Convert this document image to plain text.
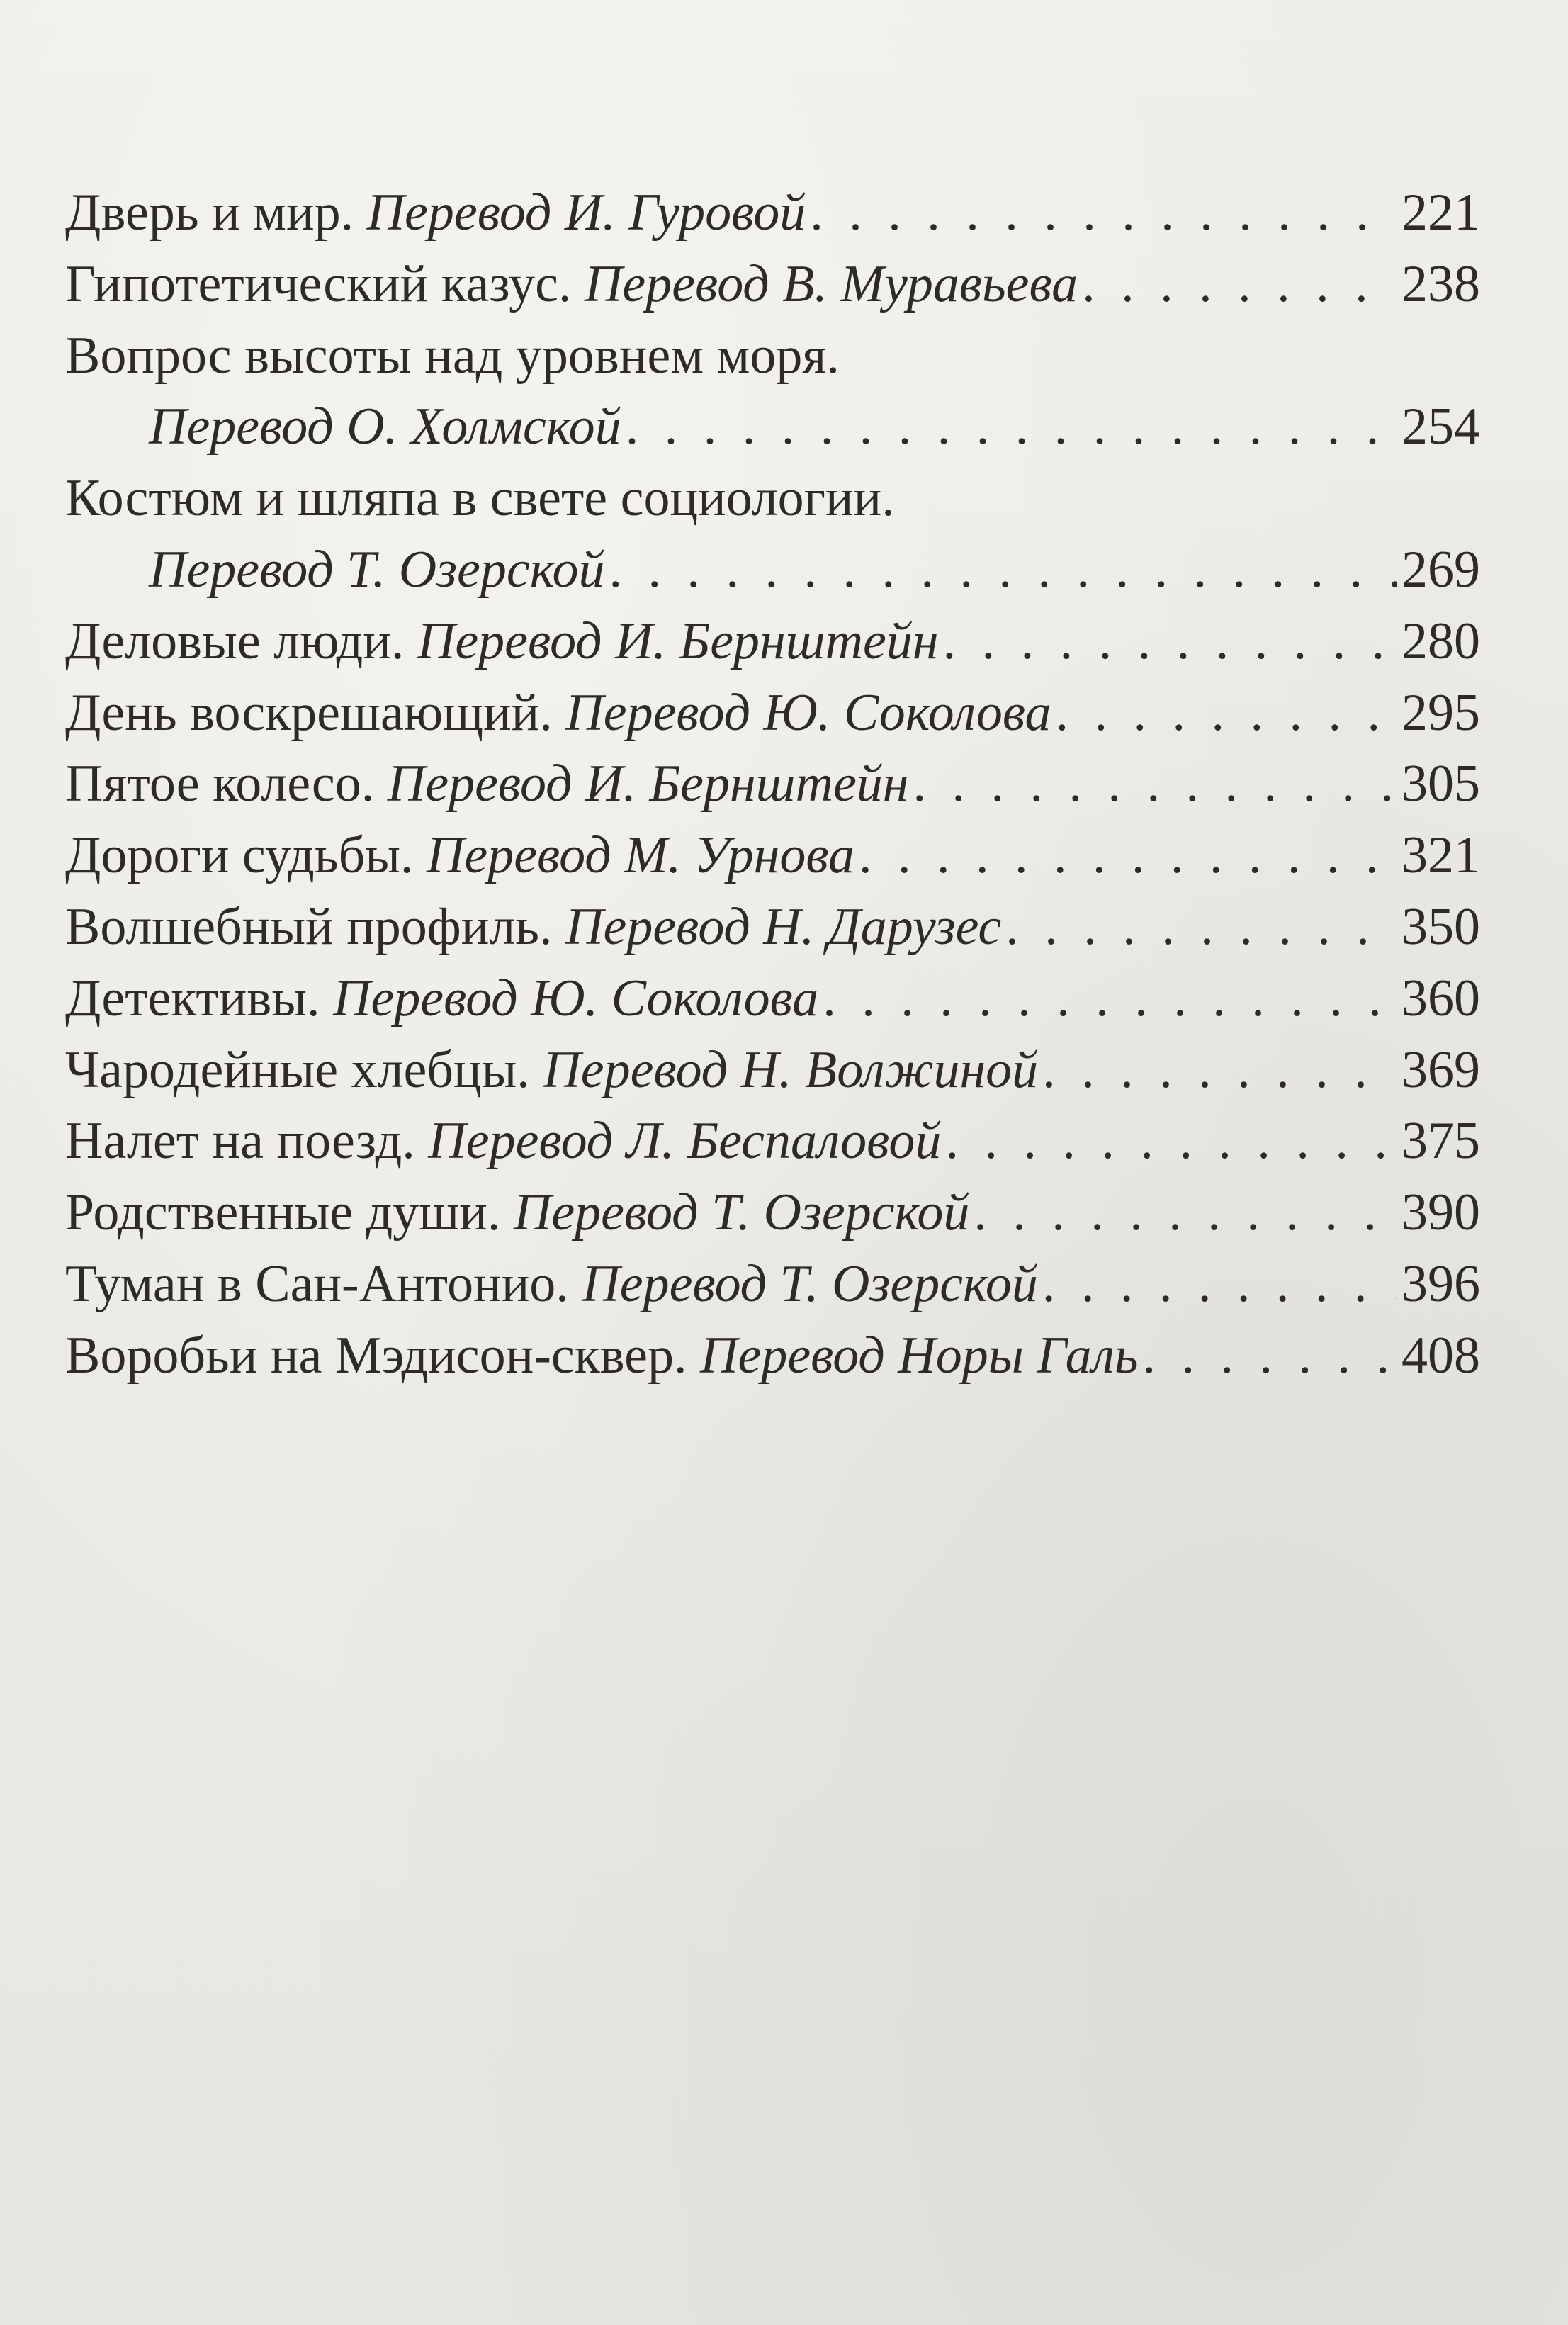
Дверь и мир. Перевод И. Гуровой . . .	221
Гипотетический казус. Перевод В. Муравьева . . .	238
Вопрос высоты над уровнем моря.
Перевод О. Холмской . . .	254
Костюм и шляпа в свете социологии.
Перевод Т. Озерской . . .	269
Деловые люди. Перевод И. Бернштейн . . .	280
День воскрешающий. Перевод Ю. Соколова . . .	295
Пятое колесо. Перевод И. Бернштейн . . .	305
Дороги судьбы. Перевод М. Урнова . . .	321
Волшебный профиль. Перевод Н. Дарузес . . .	350
Детективы. Перевод Ю. Соколова . . .	360
Чародейные хлебцы. Перевод Н. Волжиной . . .	369
Налет на поезд. Перевод Л. Беспаловой . . .	375
Родственные души. Перевод Т. Озерской . . .	390
Туман в Сан-Антонио. Перевод Т. Озерской . . .	396
Воробьи на Мэдисон-сквер. Перевод Норы Галь . . .	408
